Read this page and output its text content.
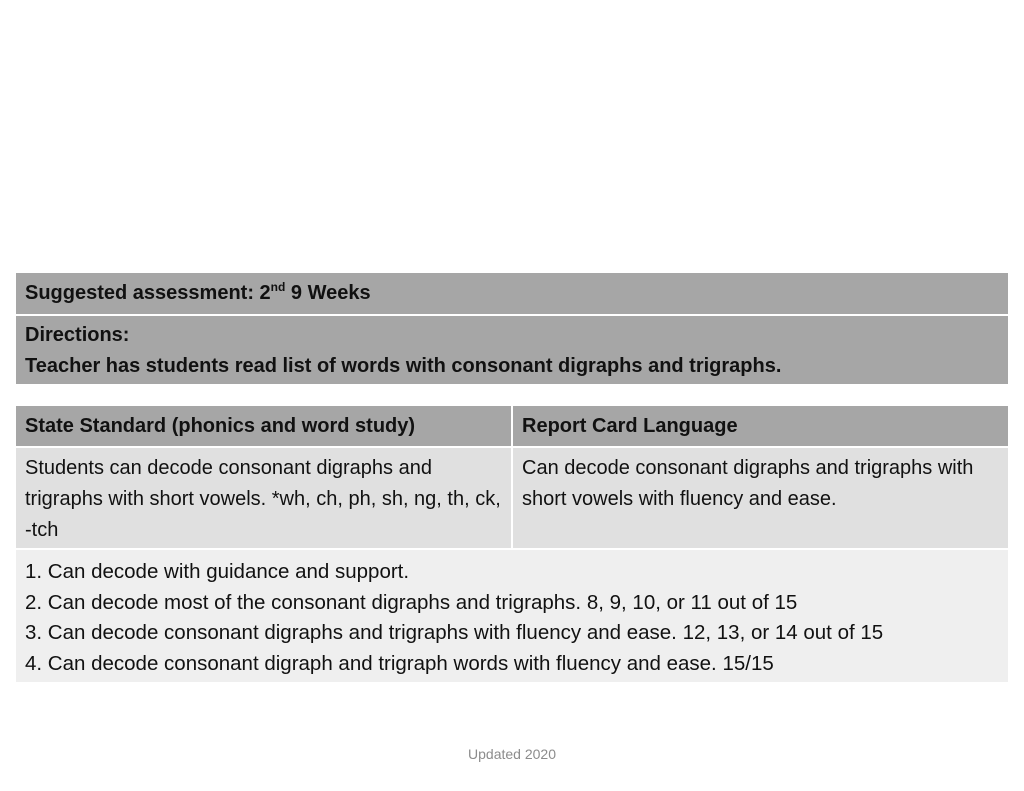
Suggested assessment: 2nd 9 Weeks

Directions:
Teacher has students read list of words with consonant digraphs and trigraphs.
State Standard (phonics and word study)	Report Card Language
Students can decode consonant digraphs and trigraphs with short vowels. *wh, ch, ph, sh, ng, th, ck, -tch	Can decode consonant digraphs and trigraphs with short vowels with fluency and ease.

1. Can decode with guidance and support.
2. Can decode most of the consonant digraphs and trigraphs. 8, 9, 10, or 11 out of 15
3. Can decode consonant digraphs and trigraphs with fluency and ease. 12, 13, or 14 out of 15
4. Can decode consonant digraph and trigraph words with fluency and ease. 15/15	
Updated 2020
